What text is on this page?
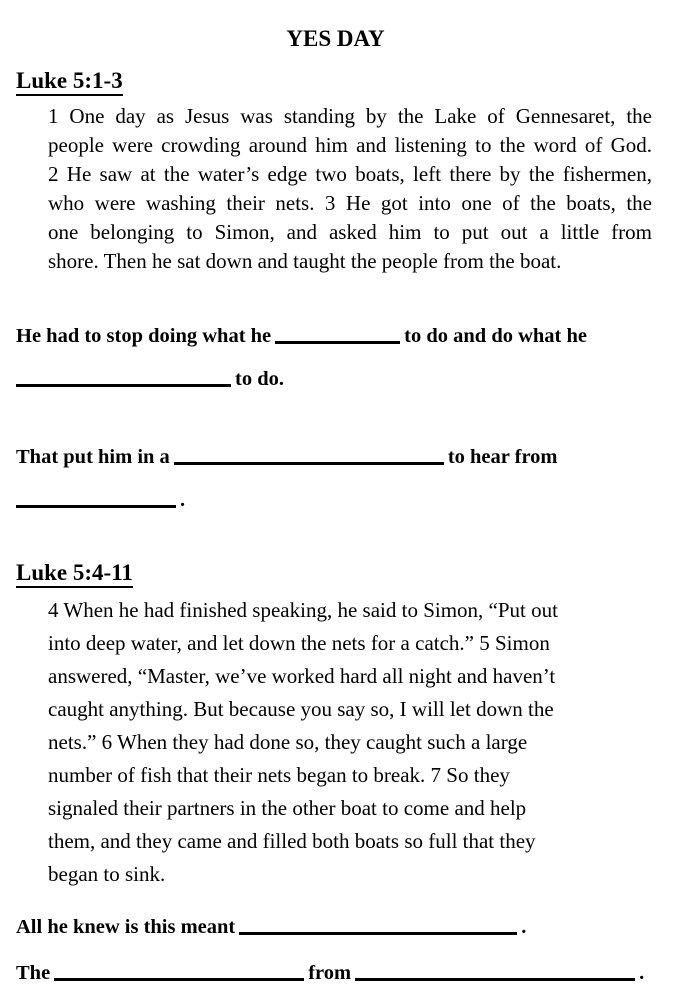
YES DAY
Luke 5:1-3
1 One day as Jesus was standing by the Lake of Gennesaret, the
people were crowding around him and listening to the word of God.
2 He saw at the water’s edge two boats, left there by the fishermen,
who were washing their nets. 3 He got into one of the boats, the
one belonging to Simon, and asked him to put out a little from
shore. Then he sat down and taught the people from the boat.
He had to stop doing what he	to do and do what he
to do.
That put him in a	to hear from
.
Luke 5:4-11
4 When he had finished speaking, he said to Simon, “Put out
into deep water, and let down the nets for a catch.” 5 Simon
answered, “Master, we’ve worked hard all night and haven’t
caught anything. But because you say so, I will let down the
nets.” 6 When they had done so, they caught such a large
number of fish that their nets began to break. 7 So they
signaled their partners in the other boat to come and help
them, and they came and filled both boats so full that they
began to sink.
All he knew is this meant	.
The	from	.
